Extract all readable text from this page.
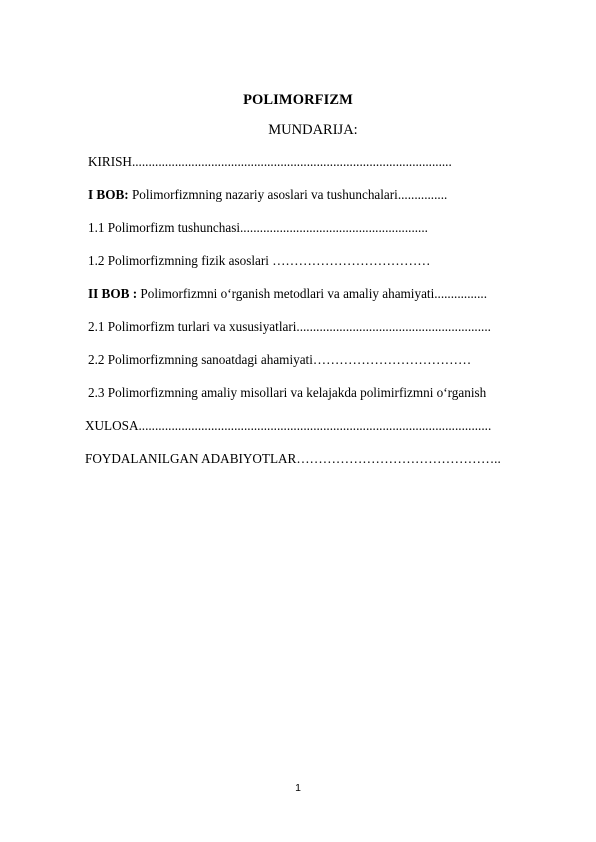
POLIMORFIZM
MUNDARIJA:
KIRISH.................................................................................................
I BOB: Polimorfizmning nazariy asoslari va tushunchalari...............
1.1 Polimorfizm tushunchasi.........................................................
1.2 Polimorfizmning fizik asoslari ………………………………
II BOB : Polimorfizmni o‘rganish metodlari va amaliy ahamiyati................
2.1 Polimorfizm turlari va xususiyatlari...........................................................
2.2 Polimorfizmning sanoatdagi ahamiyati………………………………
2.3 Polimorfizmning amaliy misollari va kelajakda polimirfizmni o‘rganish
XULOSA...........................................................................................................
FOYDALANILGAN ADABIYOTLAR………………………………………..
1
